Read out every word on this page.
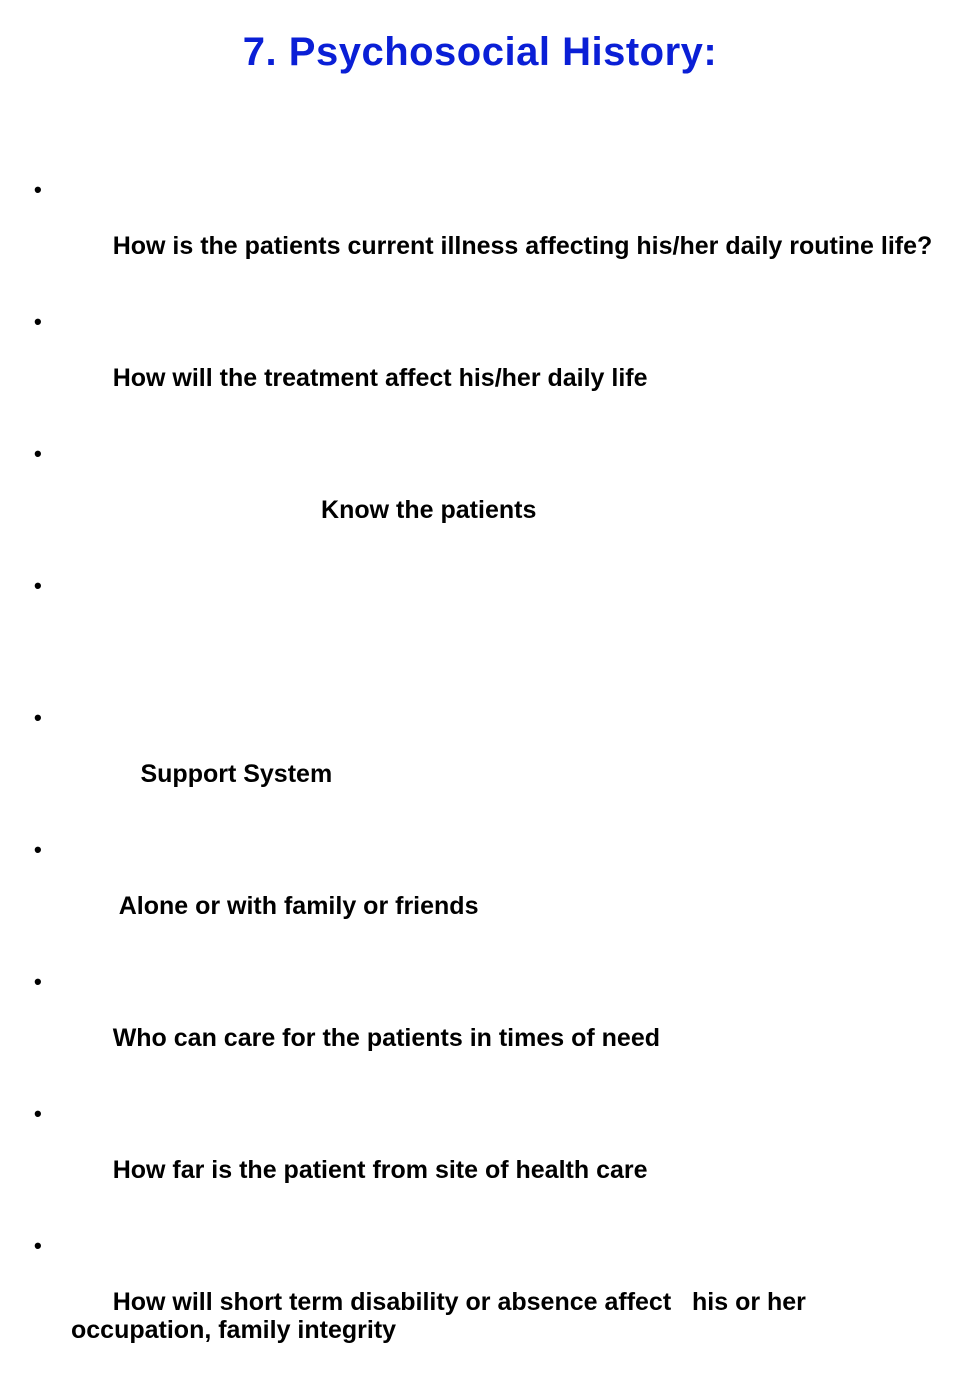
7. Psychosocial History:

•

How is the patients current illness affecting his/her daily routine life?

•

How will the treatment affect his/her daily life

•

Know the patients

•

•

Support System

•

Alone or with family or friends

•

Who can care for the patients in times of need

•

How far is the patient from site of health care

•

How will short term disability or absence affect   his or her occupation, family integrity
